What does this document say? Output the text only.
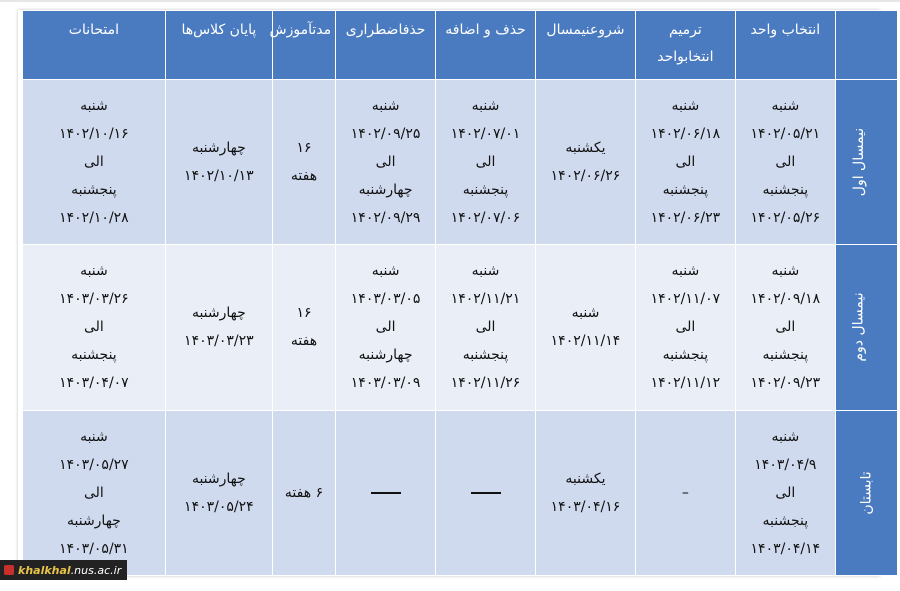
	انتخاب واحد	ترمیم انتخابواحد	شروعنیمسال	حذف و اضافه	حذفاضطراری	مدتآموزش	پایان کلاس‌ها	امتحانات
نیمسال اول	شنبه
۱۴۰۲/۰۵/۲۱
الی
پنجشنبه
۱۴۰۲/۰۵/۲۶	شنبه
۱۴۰۲/۰۶/۱۸
الی
پنجشنبه
۱۴۰۲/۰۶/۲۳	یکشنبه
۱۴۰۲/۰۶/۲۶	شنبه
۱۴۰۲/۰۷/۰۱
الی
پنجشنبه
۱۴۰۲/۰۷/۰۶	شنبه
۱۴۰۲/۰۹/۲۵
الی
چهارشنبه
۱۴۰۲/۰۹/۲۹	۱۶
هفته	چهارشنبه
۱۴۰۲/۱۰/۱۳	شنبه
۱۴۰۲/۱۰/۱۶
الی
پنجشنبه
۱۴۰۲/۱۰/۲۸

نیمسال دوم	شنبه
۱۴۰۲/۰۹/۱۸
الی
پنجشنبه
۱۴۰۲/۰۹/۲۳	شنبه
۱۴۰۲/۱۱/۰۷
الی
پنجشنبه
۱۴۰۲/۱۱/۱۲	شنبه
۱۴۰۲/۱۱/۱۴	شنبه
۱۴۰۲/۱۱/۲۱
الی
پنجشنبه
۱۴۰۲/۱۱/۲۶	شنبه
۱۴۰۳/۰۳/۰۵
الی
چهارشنبه
۱۴۰۳/۰۳/۰۹	۱۶
هفته	چهارشنبه
۱۴۰۳/۰۳/۲۳	شنبه
۱۴۰۳/۰۳/۲۶
الی
پنجشنبه
۱۴۰۳/۰۴/۰۷

تابستان	شنبه
۱۴۰۳/۰۴/۹
الی
پنجشنبه
۱۴۰۳/۰۴/۱۴	–	یکشنبه
۱۴۰۳/۰۴/۱۶			۶ هفته	چهارشنبه
۱۴۰۳/۰۵/۲۴	شنبه
۱۴۰۳/۰۵/۲۷
الی
چهارشنبه
۱۴۰۳/۰۵/۳۱
khalkhal .nus.ac.ir
